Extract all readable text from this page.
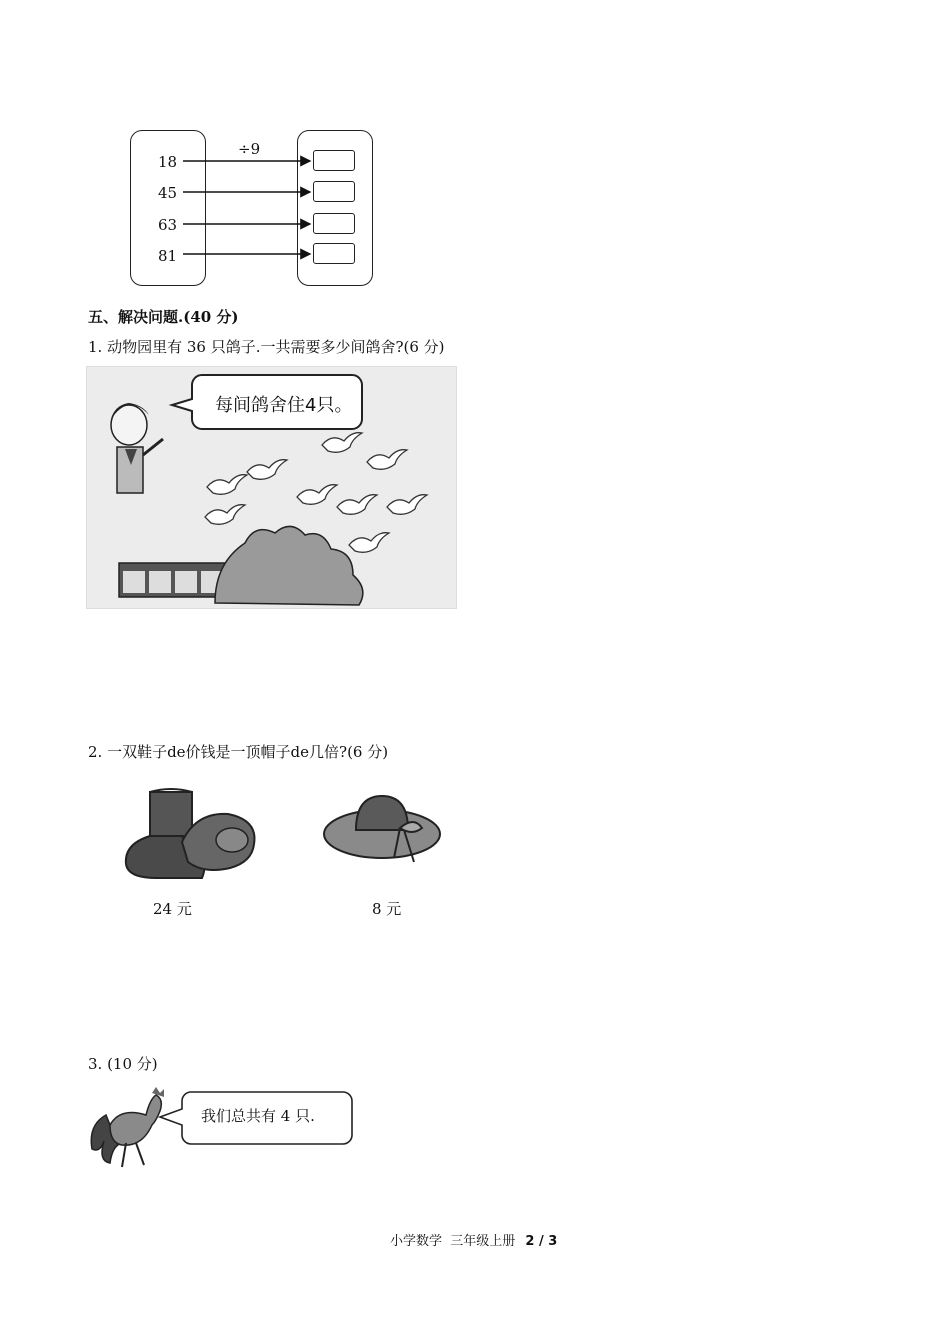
÷9
18
45
63
81
五、解决问题.(40 分)
1. 动物园里有 36 只鸽子.一共需要多少间鸽舍?(6 分)
每间鸽舍住4只。
2. 一双鞋子de价钱是一顶帽子de几倍?(6 分)
24 元	8 元
3. (10 分)
我们总共有 4 只.
小学数学  三年级上册 2 / 3
